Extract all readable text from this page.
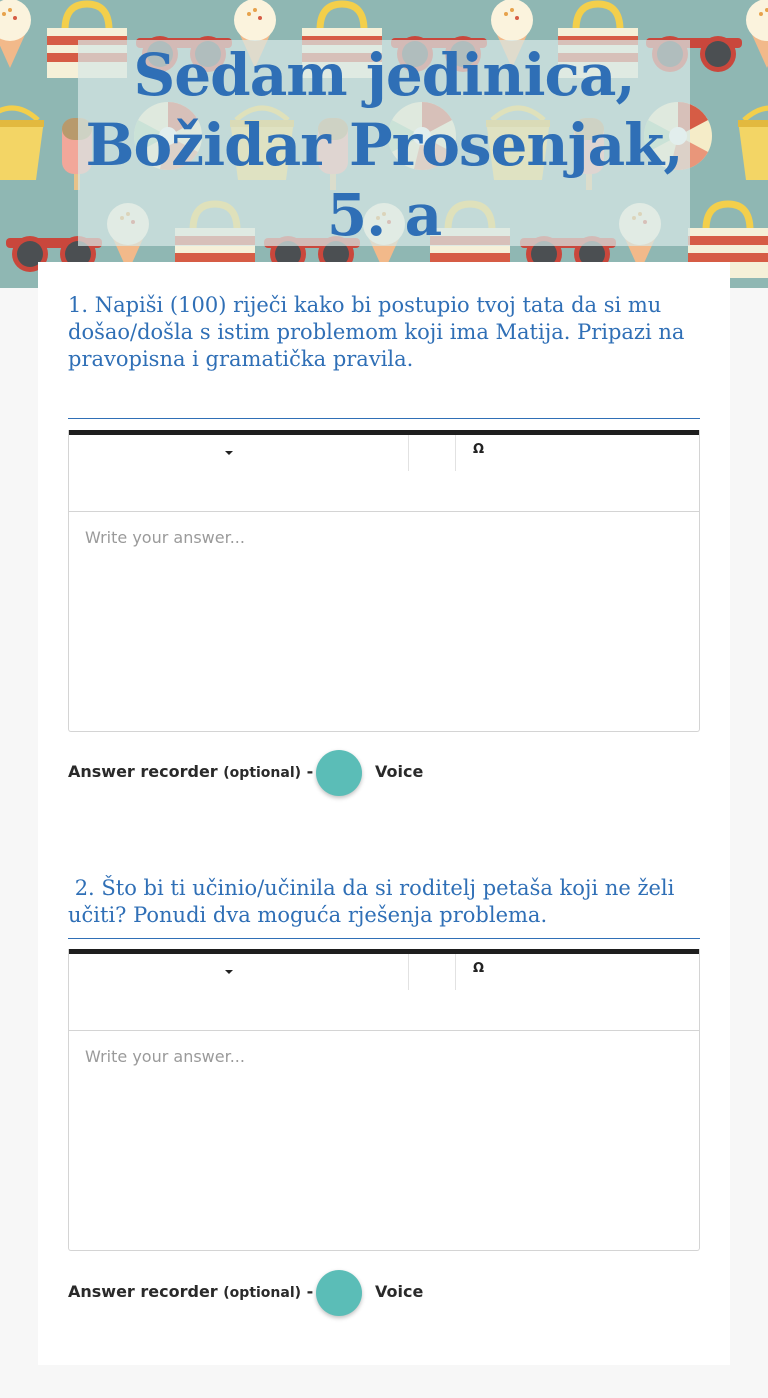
Sedam jedinica, Božidar Prosenjak, 5. a
1. Napiši (100) riječi kako bi postupio tvoj tata da si mu došao/došla s istim problemom koji ima Matija. Pripazi na pravopisna i gramatička pravila.
Ω
Write your answer...
Answer recorder (optional) -	Voice
2. Što bi ti učinio/učinila da si roditelj petaša koji ne želi učiti? Ponudi dva moguća rješenja problema.
Ω
Write your answer...
Answer recorder (optional) -	Voice
